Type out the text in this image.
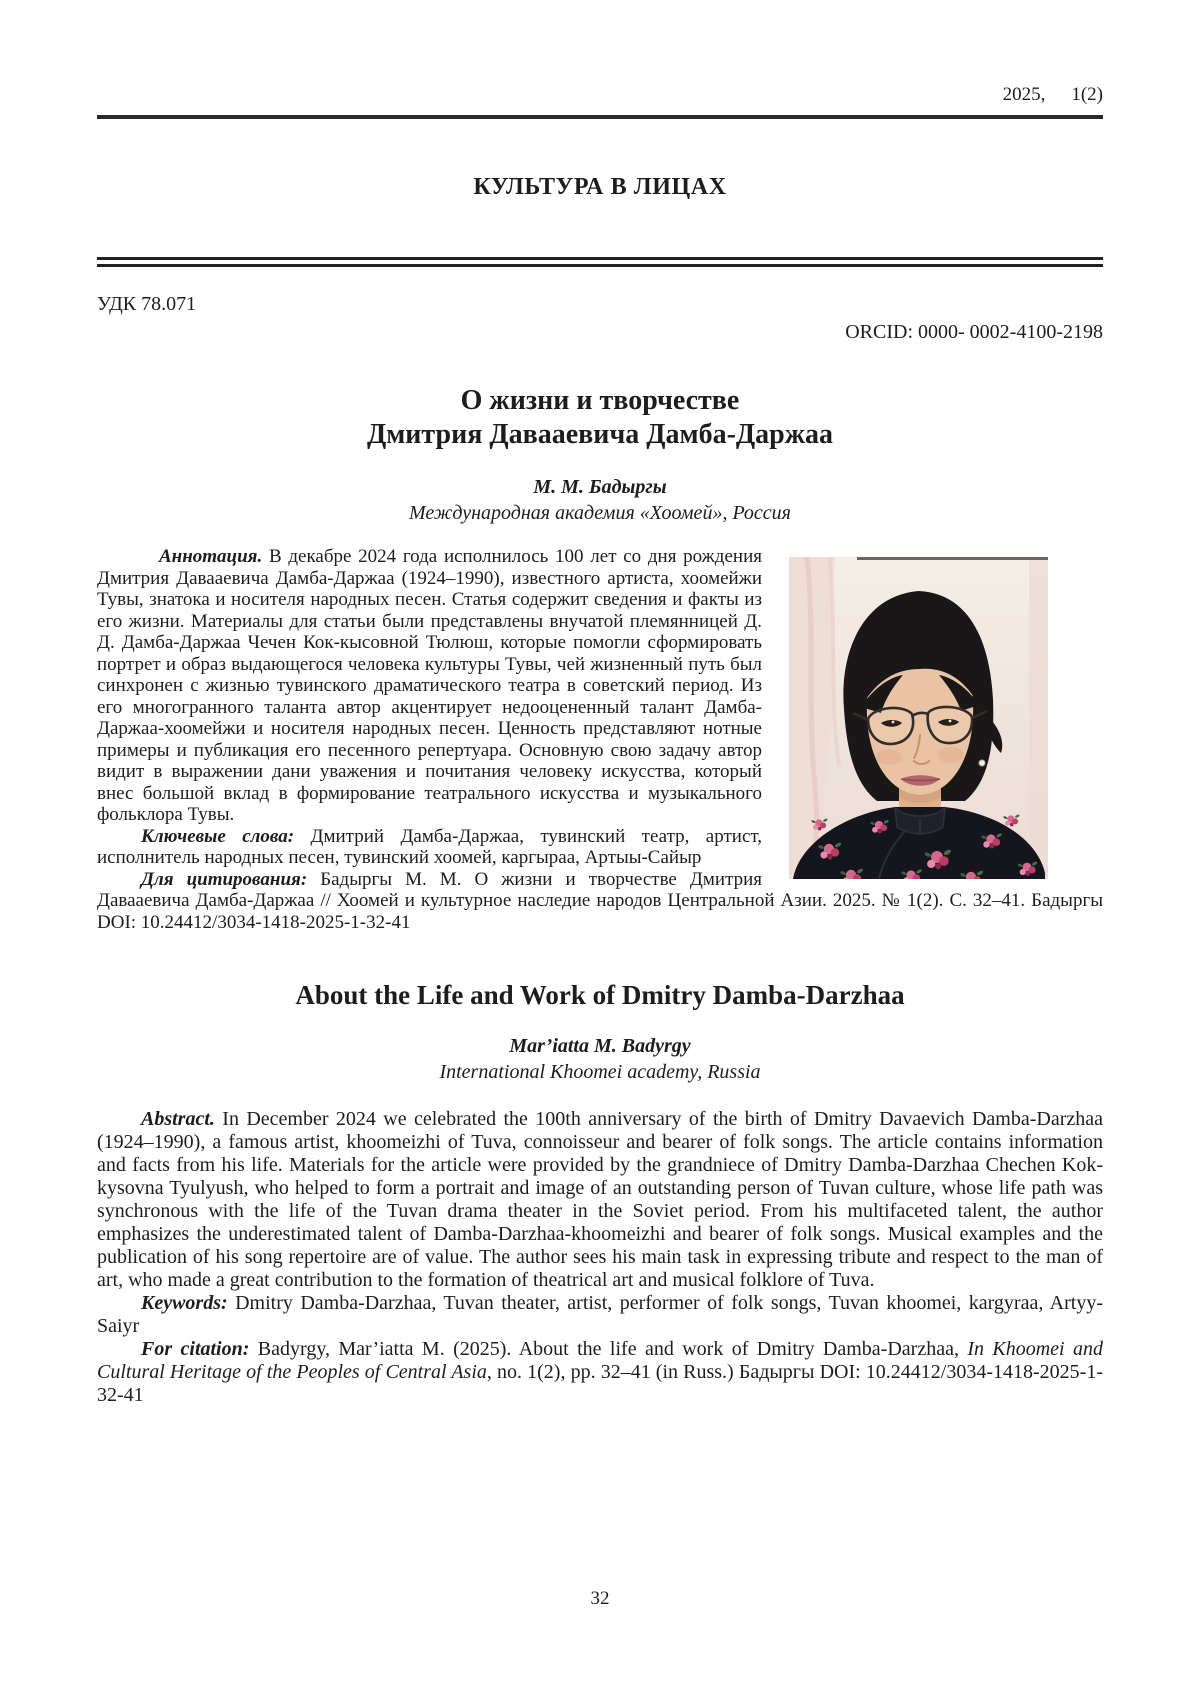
2025, 1(2)
КУЛЬТУРА В ЛИЦАХ
УДК 78.071
ORCID: 0000- 0002-4100-2198
О жизни и творчестве
Дмитрия Давааевича Дамба-Даржаа
М. М. Бадыргы
Международная академия «Хоомей», Россия

Аннотация. В декабре 2024 года исполнилось 100 лет со дня рождения Дмитрия Давааевича Дамба-Даржаа (1924–1990), известного артиста, хоомейжи Тувы, знатока и носителя народных песен. Статья содержит сведения и факты из его жизни. Материалы для статьи были представлены внучатой племянницей Д. Д. Дамба-Даржаа Чечен Кок-кысовной Тюлюш, которые помогли сформировать портрет и образ выдающегося человека культуры Тувы, чей жизненный путь был синхронен с жизнью тувинского драматического театра в советский период. Из его многогранного таланта автор акцентирует недооцененный талант Дамба-Даржаа-хоомейжи и носителя народных песен. Ценность представляют нотные примеры и публикация его песенного репертуара. Основную свою задачу автор видит в выражении дани уважения и почитания человеку искусства, который внес большой вклад в формирование театрального искусства и музыкального фольклора Тувы.

Ключевые слова: Дмитрий Дамба-Даржаа, тувинский театр, артист, исполнитель народных песен, тувинский хоомей, каргыраа, Артыы-Сайыр

Для цитирования: Бадыргы М. М. О жизни и творчестве Дмитрия Давааевича Дамба-Даржаа // Хоомей и культурное наследие народов Центральной Азии. 2025. № 1(2). С. 32–41. Бадыргы DOI: 10.24412/3034-1418-2025-1-32-41

About the Life and Work of Dmitry Damba-Darzhaa
Mar’iatta M. Badyrgy
International Khoomei academy, Russia

Abstract. In December 2024 we celebrated the 100th anniversary of the birth of Dmitry Davaevich Damba-Darzhaa (1924–1990), a famous artist, khoomeizhi of Tuva, connoisseur and bearer of folk songs. The article contains information and facts from his life. Materials for the article were provided by the grandniece of Dmitry Damba-Darzhaa Chechen Kok-kysovna Tyulyush, who helped to form a portrait and image of an outstanding person of Tuvan culture, whose life path was synchronous with the life of the Tuvan drama theater in the Soviet period. From his multifaceted talent, the author emphasizes the underestimated talent of Damba-Darzhaa-khoomeizhi and bearer of folk songs. Musical examples and the publication of his song repertoire are of value. The author sees his main task in expressing tribute and respect to the man of art, who made a great contribution to the formation of theatrical art and musical folklore of Tuva.

Keywords: Dmitry Damba-Darzhaa, Tuvan theater, artist, performer of folk songs, Tuvan khoomei, kargyraa, Artyy-Saiyr

For citation: Badyrgy, Mar’iatta M. (2025). About the life and work of Dmitry Damba-Darzhaa, In Khoomei and Cultural Heritage of the Peoples of Central Asia, no. 1(2), pp. 32–41 (in Russ.) Бадыргы DOI: 10.24412/3034-1418-2025-1-32-41

32
